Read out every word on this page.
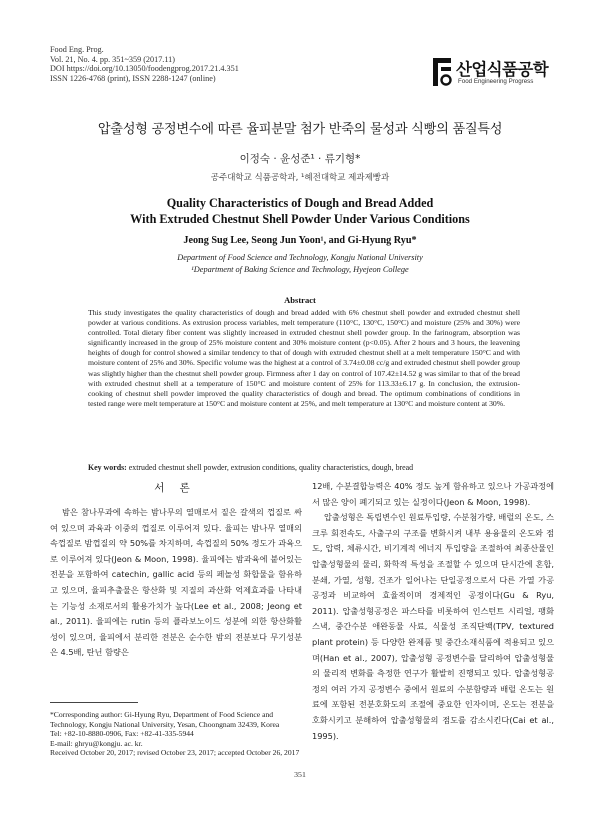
Food Eng. Prog.
Vol. 21, No. 4. pp. 351~359 (2017.11)
DOI https://doi.org/10.13050/foodengprog.2017.21.4.351
ISSN 1226-4768 (print), ISSN 2288-1247 (online)	산업식품공학
Food Engineering Progress
압출성형 공정변수에 따른 율피분말 첨가 반죽의 물성과 식빵의 품질특성
이정숙 · 윤성준¹ · 류기형*
공주대학교 식품공학과, ¹혜전대학교 제과제빵과
Quality Characteristics of Dough and Bread Added
With Extruded Chestnut Shell Powder Under Various Conditions
Jeong Sug Lee, Seong Jun Yoon¹, and Gi-Hyung Ryu*
Department of Food Science and Technology, Kongju National University
¹Department of Baking Science and Technology, Hyejeon College
Abstract
This study investigates the quality characteristics of dough and bread added with 6% chestnut shell powder and extruded chestnut shell powder at various conditions. As extrusion process variables, melt temperature (110°C, 130°C, 150°C) and moisture (25% and 30%) were controlled. Total dietary fiber content was slightly increased in extruded chestnut shell powder group. In the farinogram, absorption was significantly increased in the group of 25% moisture content and 30% moisture content (p<0.05). After 2 hours and 3 hours, the leavening heights of dough for control showed a similar tendency to that of dough with extruded chestnut shell at a melt temperature 150°C and with moisture content of 25% and 30%. Specific volume was the highest at a control of 3.74±0.08 cc/g and extruded chestnut shell powder group was slightly higher than the chestnut shell powder group. Firmness after 1 day on control of 107.42±14.52 g was similar to that of the bread with extruded chestnut shell at a temperature of 150°C and moisture content of 25% for 113.33±6.17 g. In conclusion, the extrusion-cooking of chestnut shell powder improved the quality characteristics of dough and bread. The optimum combinations of conditions in tested range were melt temperature at 150°C and moisture content at 25%, and melt temperature at 130°C and moisture content at 30%.
Key words: extruded chestnut shell powder, extrusion conditions, quality characteristics, dough, bread
서 론

밤은 참나무과에 속하는 밤나무의 열매로서 짙은 갈색의 껍질로 싸여 있으며 과육과 이중의 껍질로 이루어져 있다. 율피는 밤나무 열매의 속껍질로 밤껍질의 약 50%를 차지하며, 속껍질의 50% 정도가 과육으로 이루어져 있다(Jeon & Moon, 1998). 율피에는 밤과육에 붙어있는 전분을 포함하여 catechin, gallic acid 등의 페놀성 화합물을 함유하고 있으며, 율피추출물은 항산화 및 지질의 과산화 억제효과를 나타내는 기능성 소재로서의 활용가치가 높다(Lee et al., 2008; Jeong et al., 2011). 율피에는 rutin 등의 플라보노이드 성분에 의한 항산화활성이 있으며, 율피에서 분리한 전분은 순수한 밤의 전분보다 무기성분은 4.5배, 탄닌 함량은

12배, 수분결합능력은 40% 정도 높게 함유하고 있으나 가공과정에서 많은 양이 폐기되고 있는 실정이다(Jeon & Moon, 1998).

압출성형은 독립변수인 원료투입량, 수분첨가량, 배럴의 온도, 스크루 회전속도, 사출구의 구조를 변화시켜 내부 용융물의 온도와 점도, 압력, 체류시간, 비기계적 에너지 투입량을 조절하여 최종산물인 압출성형물의 물리, 화학적 특성을 조절할 수 있으며 단시간에 혼합, 분쇄, 가열, 성형, 건조가 일어나는 단일공정으로서 다른 가열 가공공정과 비교하여 효율적이며 경제적인 공정이다(Gu & Ryu, 2011). 압출성형공정은 파스타를 비롯하여 인스턴트 시리얼, 팽화스낵, 중간수분 애완동물 사료, 식물성 조직단백(TPV, textured plant protein) 등 다양한 완제품 및 중간소재식품에 적용되고 있으며(Han et al., 2007), 압출성형 공정변수를 달리하여 압출성형물의 물리적 변화를 측정한 연구가 활발히 진행되고 있다. 압출성형공정의 여러 가지 공정변수 중에서 원료의 수분함량과 배럴 온도는 원료에 포함된 전분호화도의 조절에 중요한 인자이며, 온도는 전분을 호화시키고 분해하여 압출성형물의 점도를 감소시킨다(Cai et al., 1995).

*Corresponding author: Gi-Hyung Ryu, Department of Food Science and Technology, Kongju National University, Yesan, Choongnam 32439, Korea
Tel: +82-10-8880-0906, Fax: +82-41-335-5944
E-mail: ghryu@kongju. ac. kr.
Received October 20, 2017; revised October 23, 2017; accepted October 26, 2017
351
